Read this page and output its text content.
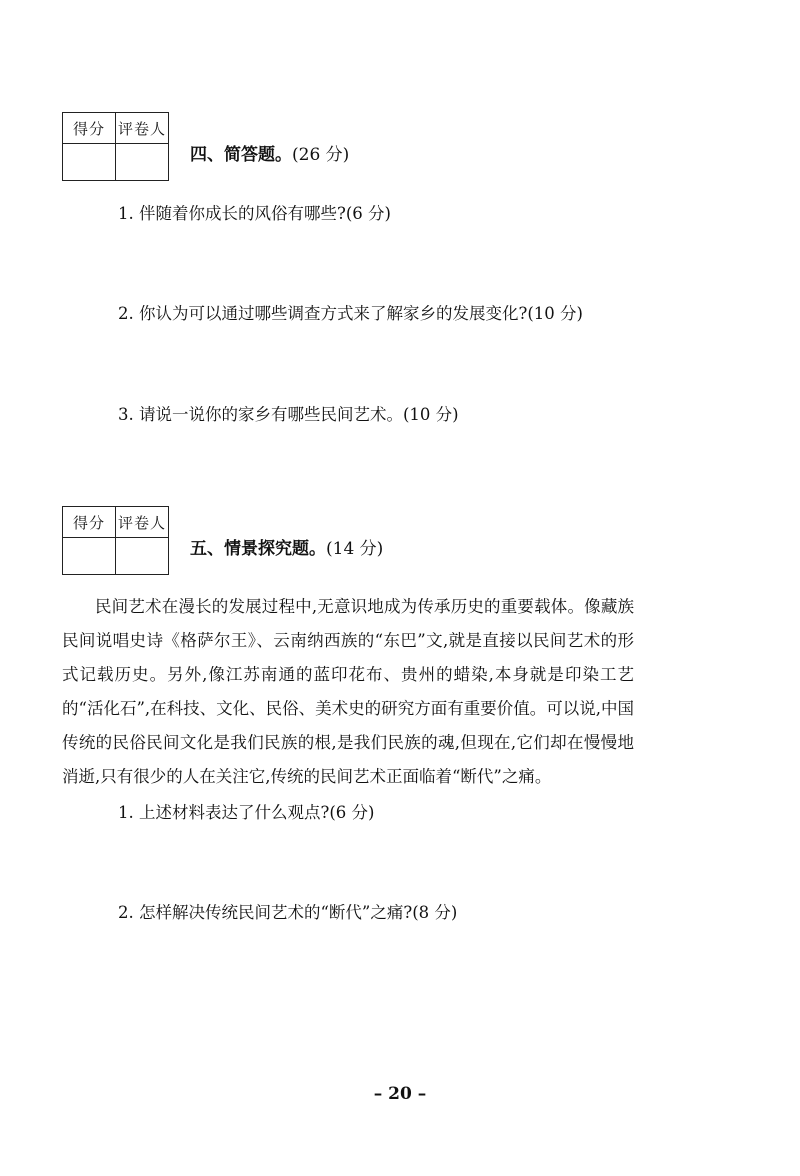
得分	评卷人

四、简答题。(26 分)
1. 伴随着你成长的风俗有哪些?(6 分)
2. 你认为可以通过哪些调查方式来了解家乡的发展变化?(10 分)
3. 请说一说你的家乡有哪些民间艺术。(10 分)
得分	评卷人

五、情景探究题。(14 分)

民间艺术在漫长的发展过程中,无意识地成为传承历史的重要载体。像藏族民间说唱史诗《格萨尔王》、云南纳西族的“东巴”文,就是直接以民间艺术的形式记载历史。另外,像江苏南通的蓝印花布、贵州的蜡染,本身就是印染工艺的“活化石”,在科技、文化、民俗、美术史的研究方面有重要价值。可以说,中国传统的民俗民间文化是我们民族的根,是我们民族的魂,但现在,它们却在慢慢地消逝,只有很少的人在关注它,传统的民间艺术正面临着“断代”之痛。

1. 上述材料表达了什么观点?(6 分)
2. 怎样解决传统民间艺术的“断代”之痛?(8 分)
– 20 –
